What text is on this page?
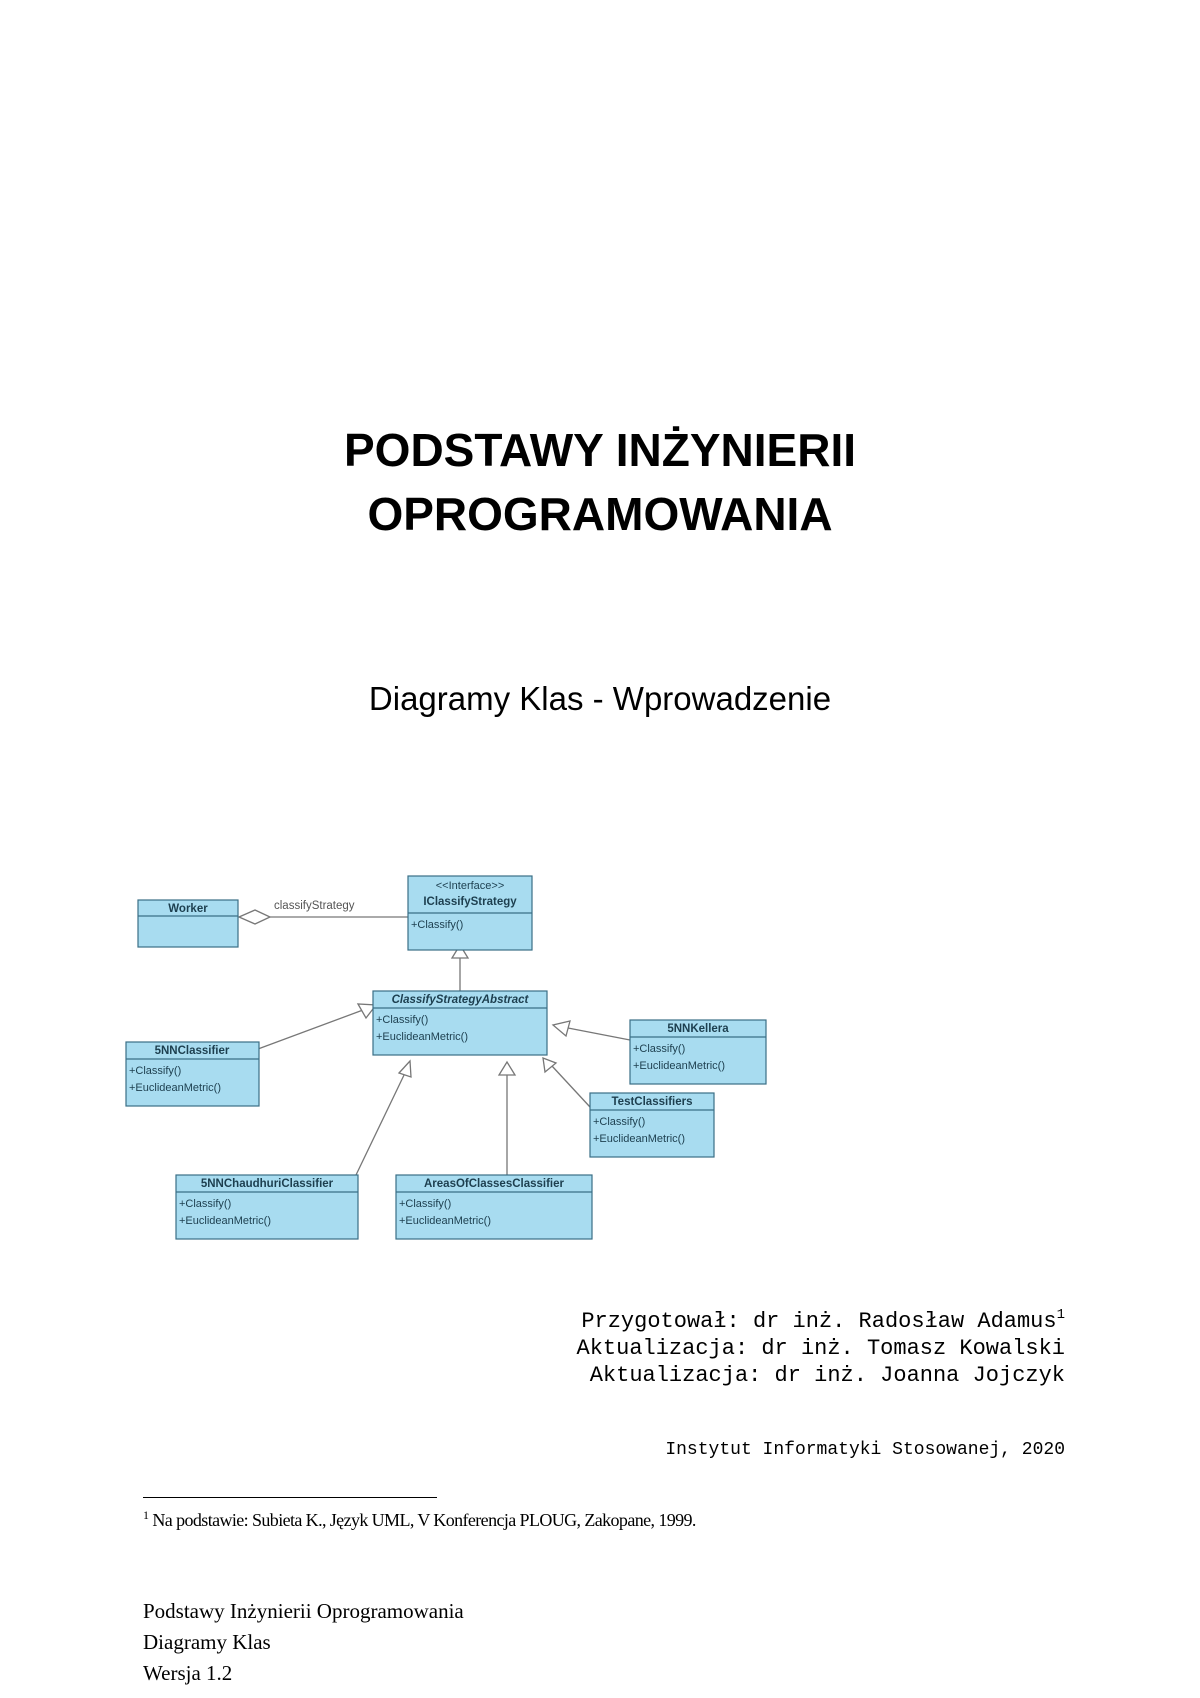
PODSTAWY INŻYNIERII
OPROGRAMOWANIA
Diagramy Klas - Wprowadzenie
classifyStrategy
Worker
<<Interface>>
IClassifyStrategy
+Classify()
ClassifyStrategyAbstract
+Classify()
+EuclideanMetric()
5NNClassifier
+Classify()
+EuclideanMetric()
5NNKellera
+Classify()
+EuclideanMetric()
TestClassifiers
+Classify()
+EuclideanMetric()
5NNChaudhuriClassifier
+Classify()
+EuclideanMetric()
AreasOfClassesClassifier
+Classify()
+EuclideanMetric()
Przygotował: dr inż. Radosław Adamus$^1$
Aktualizacja: dr inż. Tomasz Kowalski
Aktualizacja: dr inż. Joanna Jojczyk
Instytut Informatyki Stosowanej, 2020
$^1$ Na podstawie: Subieta K., Język UML, V Konferencja PLOUG, Zakopane, 1999.
Podstawy Inżynierii Oprogramowania
Diagramy Klas
Wersja 1.2
